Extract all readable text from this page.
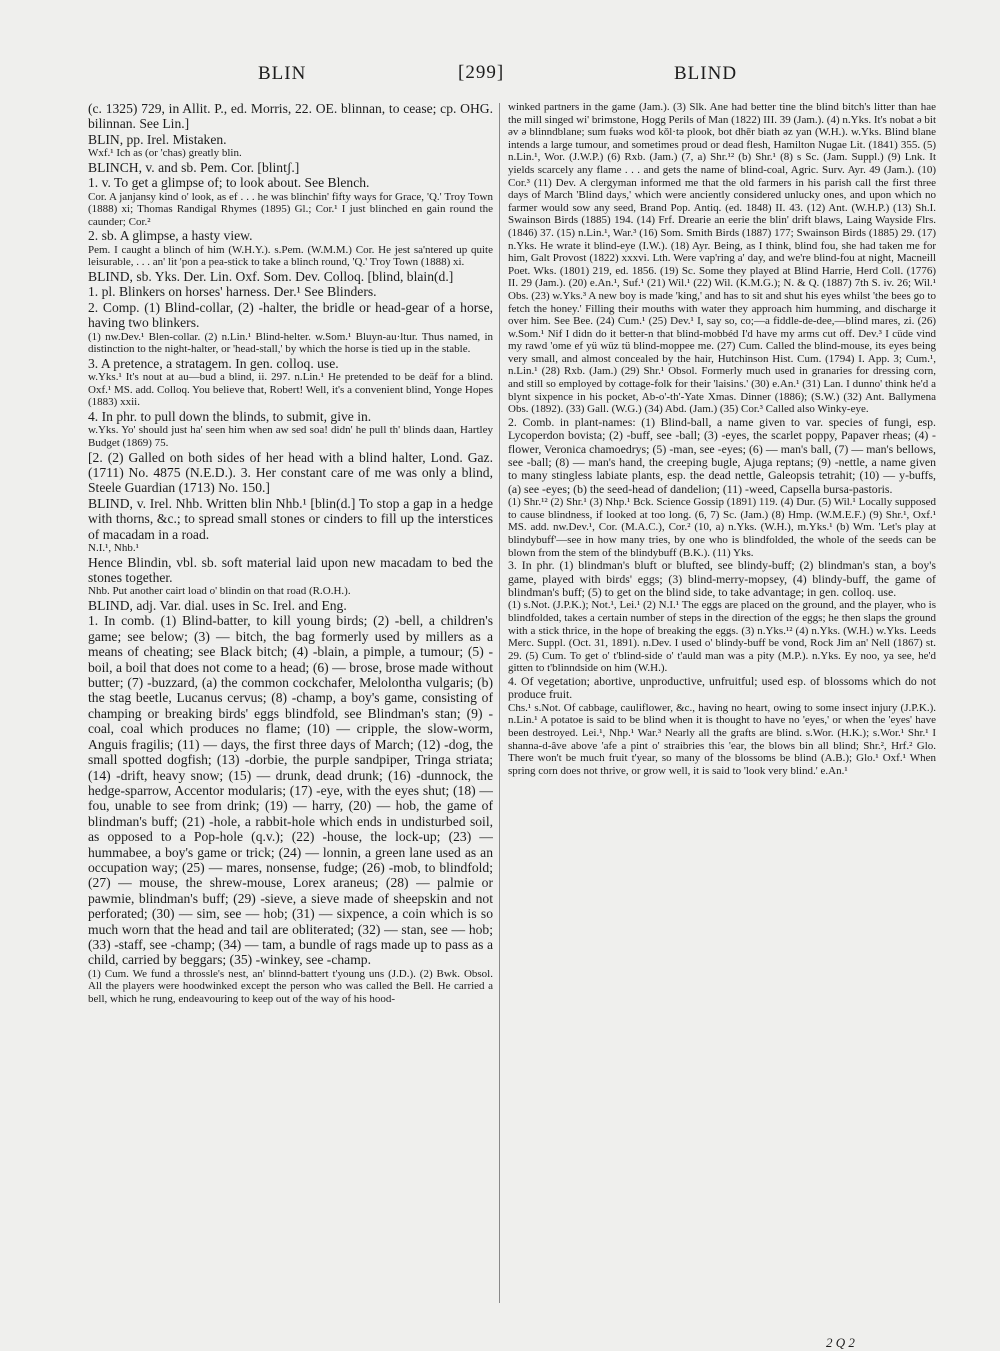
BLIN	[299]	BLIND

(c. 1325) 729, in Allit. P., ed. Morris, 22. OE. blinnan, to cease; cp. OHG. bilinnan. See Lin.]

BLIN, pp. Irel. Mistaken.

Wxf.¹ Ich as (or 'chas) greatly blin.

BLINCH, v. and sb. Pem. Cor. [blintʃ.]

1. v. To get a glimpse of; to look about. See Blench.

Cor. A janjansy kind o' look, as ef . . . he was blinchin' fifty ways for Grace, 'Q.' Troy Town (1888) xi; Thomas Randigal Rhymes (1895) Gl.; Cor.¹ I just blinched en gain round the caunder; Cor.²

2. sb. A glimpse, a hasty view.

Pem. I caught a blinch of him (W.H.Y.). s.Pem. (W.M.M.) Cor. He jest sa'ntered up quite leisurable, . . . an' lit 'pon a pea-stick to take a blinch round, 'Q.' Troy Town (1888) xi.

BLIND, sb. Yks. Der. Lin. Oxf. Som. Dev. Colloq. [blind, blain(d.]

1. pl. Blinkers on horses' harness. Der.¹ See Blinders.

2. Comp. (1) Blind-collar, (2) -halter, the bridle or head-gear of a horse, having two blinkers.

(1) nw.Dev.¹ Blen-collar. (2) n.Lin.¹ Blind-helter. w.Som.¹ Bluyn-au·ltur. Thus named, in distinction to the night-halter, or 'head-stall,' by which the horse is tied up in the stable.

3. A pretence, a stratagem. In gen. colloq. use.

w.Yks.¹ It's nout at au—bud a blind, ii. 297. n.Lin.¹ He pretended to be deäf for a blind. Oxf.¹ MS. add. Colloq. You believe that, Robert! Well, it's a convenient blind, Yonge Hopes (1883) xxii.

4. In phr. to pull down the blinds, to submit, give in.

w.Yks. Yo' should just ha' seen him when aw sed soa! didn' he pull th' blinds daan, Hartley Budget (1869) 75.

[2. (2) Galled on both sides of her head with a blind halter, Lond. Gaz. (1711) No. 4875 (N.E.D.). 3. Her constant care of me was only a blind, Steele Guardian (1713) No. 150.]

BLIND, v. Irel. Nhb. Written blin Nhb.¹ [blin(d.] To stop a gap in a hedge with thorns, &c.; to spread small stones or cinders to fill up the interstices of macadam in a road.

N.I.¹, Nhb.¹

Hence Blindin, vbl. sb. soft material laid upon new macadam to bed the stones together.

Nhb. Put another cairt load o' blindin on that road (R.O.H.).

BLIND, adj. Var. dial. uses in Sc. Irel. and Eng.

1. In comb. (1) Blind-batter, to kill young birds; (2) -bell, a children's game; see below; (3) — bitch, the bag formerly used by millers as a means of cheating; see Black bitch; (4) -blain, a pimple, a tumour; (5) -boil, a boil that does not come to a head; (6) — brose, brose made without butter; (7) -buzzard, (a) the common cockchafer, Melolontha vulgaris; (b) the stag beetle, Lucanus cervus; (8) -champ, a boy's game, consisting of champing or breaking birds' eggs blindfold, see Blindman's stan; (9) -coal, coal which produces no flame; (10) — cripple, the slow-worm, Anguis fragilis; (11) — days, the first three days of March; (12) -dog, the small spotted dogfish; (13) -dorbie, the purple sandpiper, Tringa striata; (14) -drift, heavy snow; (15) — drunk, dead drunk; (16) -dunnock, the hedge-sparrow, Accentor modularis; (17) -eye, with the eyes shut; (18) — fou, unable to see from drink; (19) — harry, (20) — hob, the game of blindman's buff; (21) -hole, a rabbit-hole which ends in undisturbed soil, as opposed to a Pop-hole (q.v.); (22) -house, the lock-up; (23) — hummabee, a boy's game or trick; (24) — lonnin, a green lane used as an occupation way; (25) — mares, nonsense, fudge; (26) -mob, to blindfold; (27) — mouse, the shrew-mouse, Lorex araneus; (28) — palmie or pawmie, blindman's buff; (29) -sieve, a sieve made of sheepskin and not perforated; (30) — sim, see — hob; (31) — sixpence, a coin which is so much worn that the head and tail are obliterated; (32) — stan, see — hob; (33) -staff, see -champ; (34) — tam, a bundle of rags made up to pass as a child, carried by beggars; (35) -winkey, see -champ.

(1) Cum. We fund a throssle's nest, an' blinnd-battert t'young uns (J.D.). (2) Bwk. Obsol. All the players were hoodwinked except the person who was called the Bell. He carried a bell, which he rung, endeavouring to keep out of the way of his hood-

winked partners in the game (Jam.). (3) Slk. Ane had better tine the blind bitch's litter than hae the mill singed wi' brimstone, Hogg Perils of Man (1822) III. 39 (Jam.). (4) n.Yks. It's nobat ə bit əv ə blinndblane; sum fuəks wod kǒl·tə plook, bot dhēr biath əz yan (W.H.). w.Yks. Blind blane intends a large tumour, and sometimes proud or dead flesh, Hamilton Nugae Lit. (1841) 355. (5) n.Lin.¹, Wor. (J.W.P.) (6) Rxb. (Jam.) (7, a) Shr.¹² (b) Shr.¹ (8) s Sc. (Jam. Suppl.) (9) Lnk. It yields scarcely any flame . . . and gets the name of blind-coal, Agric. Surv. Ayr. 49 (Jam.). (10) Cor.³ (11) Dev. A clergyman informed me that the old farmers in his parish call the first three days of March 'Blind days,' which were anciently considered unlucky ones, and upon which no farmer would sow any seed, Brand Pop. Antiq. (ed. 1848) II. 43. (12) Ant. (W.H.P.) (13) Sh.I. Swainson Birds (1885) 194. (14) Frf. Drearie an eerie the blin' drift blaws, Laing Wayside Flrs. (1846) 37. (15) n.Lin.¹, War.³ (16) Som. Smith Birds (1887) 177; Swainson Birds (1885) 29. (17) n.Yks. He wrate it blind-eye (I.W.). (18) Ayr. Being, as I think, blind fou, she had taken me for him, Galt Provost (1822) xxxvi. Lth. Were vap'ring a' day, and we're blind-fou at night, Macneill Poet. Wks. (1801) 219, ed. 1856. (19) Sc. Some they played at Blind Harrie, Herd Coll. (1776) II. 29 (Jam.). (20) e.An.¹, Suf.¹ (21) Wil.¹ (22) Wil. (K.M.G.); N. & Q. (1887) 7th S. iv. 26; Wil.¹ Obs. (23) w.Yks.³ A new boy is made 'king,' and has to sit and shut his eyes whilst 'the bees go to fetch the honey.' Filling their mouths with water they approach him humming, and discharge it over him. See Bee. (24) Cum.¹ (25) Dev.¹ I, say so, co;—a fiddle-de-dee,—blind mares, zi. (26) w.Som.¹ Nif I didn do it better-n that blind-mobbéd I'd have my arms cut off. Dev.³ I cüde vind my rawd 'ome ef yü wüz tü blind-moppee me. (27) Cum. Called the blind-mouse, its eyes being very small, and almost concealed by the hair, Hutchinson Hist. Cum. (1794) I. App. 3; Cum.¹, n.Lin.¹ (28) Rxb. (Jam.) (29) Shr.¹ Obsol. Formerly much used in granaries for dressing corn, and still so employed by cottage-folk for their 'laisins.' (30) e.An.¹ (31) Lan. I dunno' think he'd a blynt sixpence in his pocket, Ab-o'-th'-Yate Xmas. Dinner (1886); (S.W.) (32) Ant. Ballymena Obs. (1892). (33) Gall. (W.G.) (34) Abd. (Jam.) (35) Cor.³ Called also Winky-eye.

2. Comb. in plant-names: (1) Blind-ball, a name given to var. species of fungi, esp. Lycoperdon bovista; (2) -buff, see -ball; (3) -eyes, the scarlet poppy, Papaver rheas; (4) -flower, Veronica chamoedrys; (5) -man, see -eyes; (6) — man's ball, (7) — man's bellows, see -ball; (8) — man's hand, the creeping bugle, Ajuga reptans; (9) -nettle, a name given to many stingless labiate plants, esp. the dead nettle, Galeopsis tetrahit; (10) — y-buffs, (a) see -eyes; (b) the seed-head of dandelion; (11) -weed, Capsella bursa-pastoris.

(1) Shr.¹² (2) Shr.¹ (3) Nhp.¹ Bck. Science Gossip (1891) 119. (4) Dur. (5) Wil.¹ Locally supposed to cause blindness, if looked at too long. (6, 7) Sc. (Jam.) (8) Hmp. (W.M.E.F.) (9) Shr.¹, Oxf.¹ MS. add. nw.Dev.¹, Cor. (M.A.C.), Cor.² (10, a) n.Yks. (W.H.), m.Yks.¹ (b) Wm. 'Let's play at blindybuff'—see in how many tries, by one who is blindfolded, the whole of the seeds can be blown from the stem of the blindybuff (B.K.). (11) Yks.

3. In phr. (1) blindman's bluft or blufted, see blindy-buff; (2) blindman's stan, a boy's game, played with birds' eggs; (3) blind-merry-mopsey, (4) blindy-buff, the game of blindman's buff; (5) to get on the blind side, to take advantage; in gen. colloq. use.

(1) s.Not. (J.P.K.); Not.¹, Lei.¹ (2) N.I.¹ The eggs are placed on the ground, and the player, who is blindfolded, takes a certain number of steps in the direction of the eggs; he then slaps the ground with a stick thrice, in the hope of breaking the eggs. (3) n.Yks.¹² (4) n.Yks. (W.H.) w.Yks. Leeds Merc. Suppl. (Oct. 31, 1891). n.Dev. I used o' blindy-buff be vond, Rock Jim an' Nell (1867) st. 29. (5) Cum. To get o' t'blind-side o' t'auld man was a pity (M.P.). n.Yks. Ey noo, ya see, he'd gitten to t'blinndside on him (W.H.).

4. Of vegetation; abortive, unproductive, unfruitful; used esp. of blossoms which do not produce fruit.

Chs.¹ s.Not. Of cabbage, cauliflower, &c., having no heart, owing to some insect injury (J.P.K.). n.Lin.¹ A potatoe is said to be blind when it is thought to have no 'eyes,' or when the 'eyes' have been destroyed. Lei.¹, Nhp.¹ War.³ Nearly all the grafts are blind. s.Wor. (H.K.); s.Wor.¹ Shr.¹ I shanna-d-âve above 'afe a pint o' straibries this 'ear, the blows bin all blind; Shr.², Hrf.² Glo. There won't be much fruit t'year, so many of the blossoms be blind (A.B.); Glo.¹ Oxf.¹ When spring corn does not thrive, or grow well, it is said to 'look very blind.' e.An.¹

2 Q 2
